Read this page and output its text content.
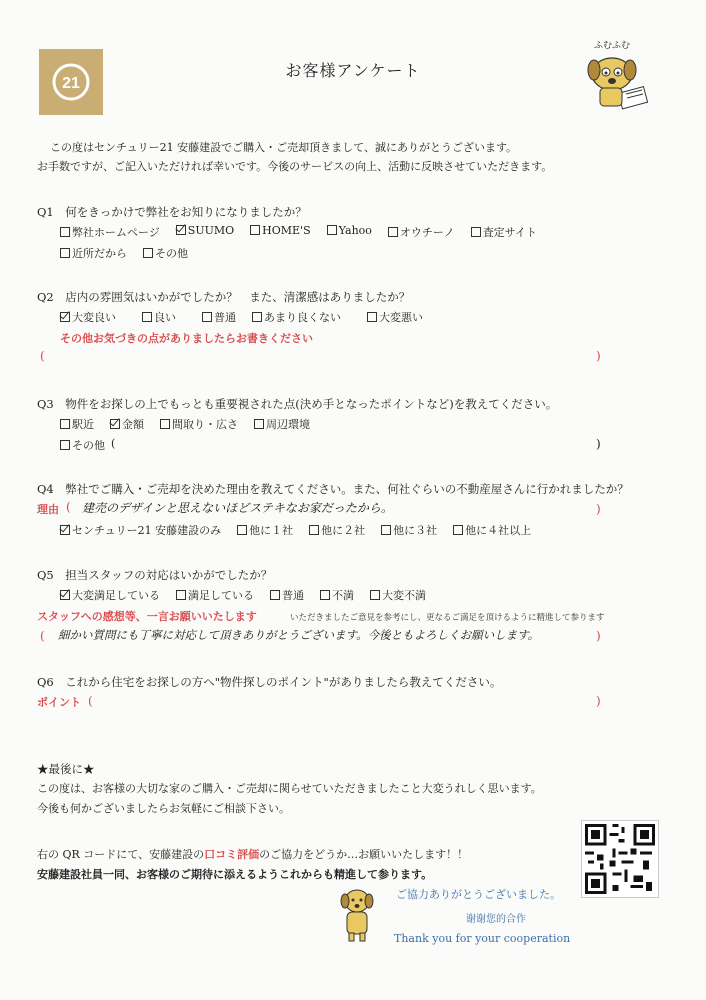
21
お客様アンケート
ふむふむ
この度はセンチュリー21 安藤建設でご購入・ご売却頂きまして、誠にありがとうございます。
お手数ですが、ご記入いただければ幸いです。今後のサービスの向上、活動に反映させていただきます。
Q1　何をきっかけで弊社をお知りになりましたか？
弊社ホームページ	SUUMO	HOME'S	Yahoo	オウチーノ	査定サイト
近所だから	その他
Q2　店内の雰囲気はいかがでしたか？　また、清潔感はありましたか？
大変良い	良い	普通	あまり良くない	大変悪い
その他お気づきの点がありましたらお書きください
(	)
Q3　物件をお探しの上でもっとも重要視された点(決め手となったポイントなど)を教えてください。
駅近	金額	間取り・広さ	周辺環境
その他 (	)
Q4　弊社でご購入・ご売却を決めた理由を教えてください。また、何社ぐらいの不動産屋さんに行かれましたか？
理由 ( 建売のデザインと思えないほどステキなお家だったから。	)
センチュリー21 安藤建設のみ	他に１社	他に２社	他に３社	他に４社以上
Q5　担当スタッフの対応はいかがでしたか？
大変満足している	満足している	普通	不満	大変不満
スタッフへの感想等、一言お願いいたします	いただきましたご意見を参考にし、更なるご満足を頂けるように精進して参ります
( 細かい質問にも丁寧に対応して頂きありがとうございます。今後ともよろしくお願いします。	)
Q6　これから住宅をお探しの方へ"物件探しのポイント"がありましたら教えてください。
ポイント (	)
★最後に★
この度は、お客様の大切な家のご購入・ご売却に関らせていただきましたこと大変うれしく思います。
今後も何かございましたらお気軽にご相談下さい。
右の QR コードにて、安藤建設の口コミ評価のご協力をどうか…お願いいたします！！
安藤建設社員一同、お客様のご期待に添えるようこれからも精進して参ります。
ご協力ありがとうございました。
谢谢您的合作
Thank you for your cooperation
